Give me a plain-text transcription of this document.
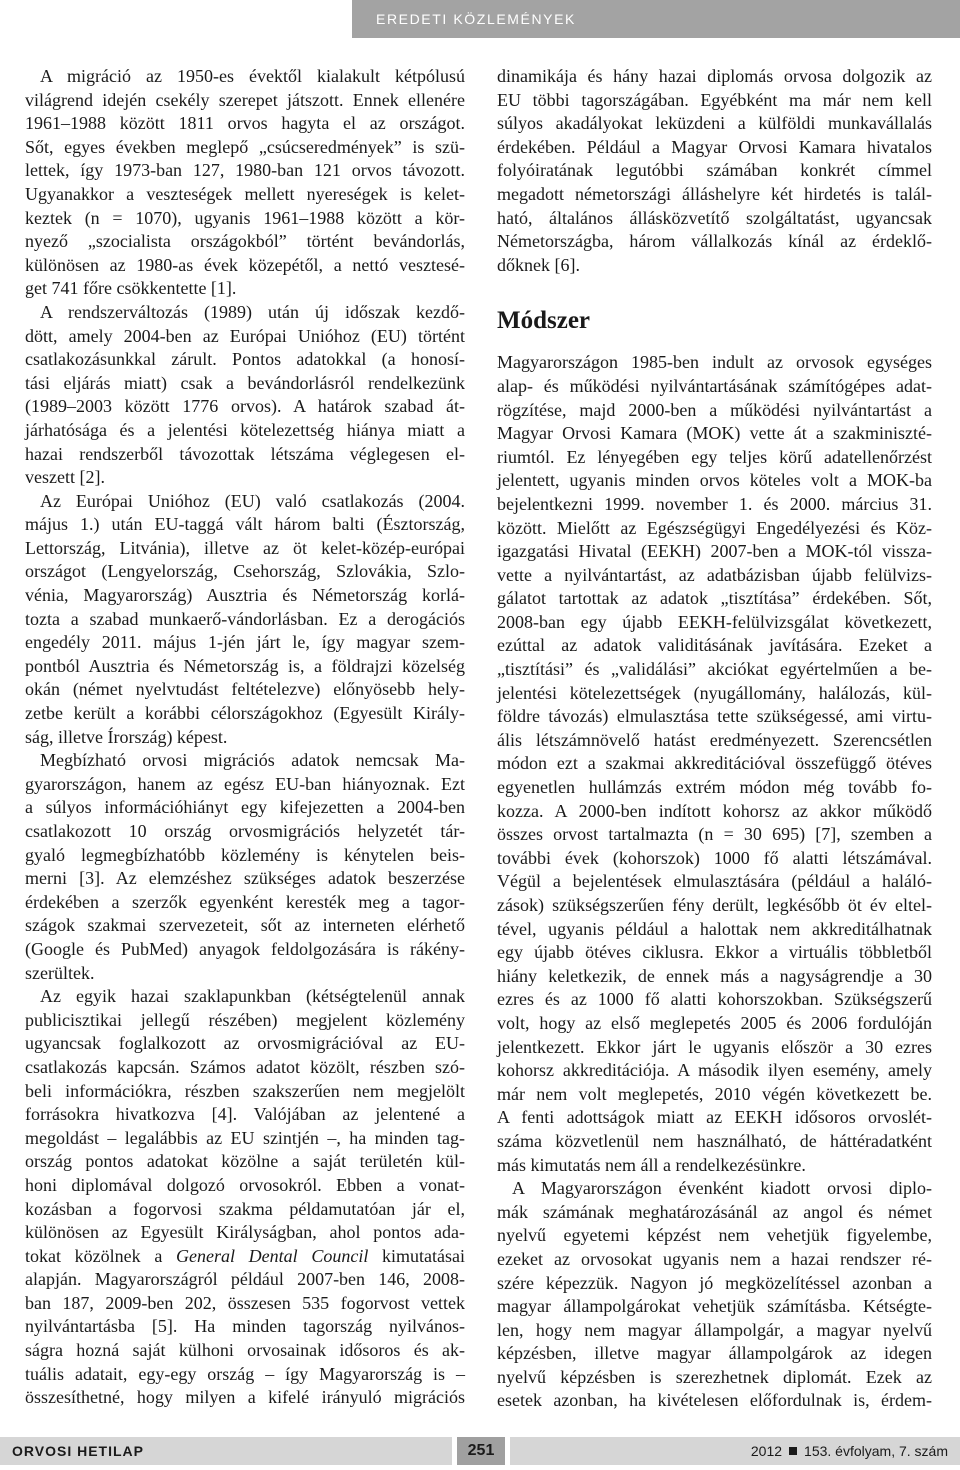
EREDETI KÖZLEMÉNYEK
A migráció az 1950-es évektől kialakult kétpólusú
világrend idején csekély szerepet játszott. Ennek ellenére
1961–1988 között 1811 orvos hagyta el az országot.
Sőt, egyes években meglepő „csúcseredmények” is szü-
lettek, így 1973-ban 127, 1980-ban 121 orvos távozott.
Ugyanakkor a veszteségek mellett nyereségek is kelet-
keztek (n = 1070), ugyanis 1961–1988 között a kör-
nyező „szocialista országokból” történt bevándorlás,
különösen az 1980-as évek közepétől, a nettó vesztesé-
get 741 főre csökkentette [1].
A rendszerváltozás (1989) után új időszak kezdő-
dött, amely 2004-ben az Európai Unióhoz (EU) történt
csatlakozásunkkal zárult. Pontos adatokkal (a honosí-
tási eljárás miatt) csak a bevándorlásról rendelkezünk
(1989–2003 között 1776 orvos). A határok szabad át-
járhatósága és a jelentési kötelezettség hiánya miatt a
hazai rendszerből távozottak létszáma véglegesen el-
veszett [2].
Az Európai Unióhoz (EU) való csatlakozás (2004.
május 1.) után EU-taggá vált három balti (Észtország,
Lettország, Litvánia), illetve az öt kelet-közép-európai
országot (Lengyelország, Csehország, Szlovákia, Szlo-
vénia, Magyarország) Ausztria és Németország korlá-
tozta a szabad munkaerő-vándorlásban. Ez a derogációs
engedély 2011. május 1-jén járt le, így magyar szem-
pontból Ausztria és Németország is, a földrajzi közelség
okán (német nyelvtudást feltételezve) előnyösebb hely-
zetbe került a korábbi célországokhoz (Egyesült Király-
ság, illetve Írország) képest.
Megbízható orvosi migrációs adatok nemcsak Ma-
gyarországon, hanem az egész EU-ban hiányoznak. Ezt
a súlyos információhiányt egy kifejezetten a 2004-ben
csatlakozott 10 ország orvosmigrációs helyzetét tár-
gyaló legmegbízhatóbb közlemény is kénytelen beis-
merni [3]. Az elemzéshez szükséges adatok beszerzése
érdekében a szerzők egyenként keresték meg a tagor-
szágok szakmai szervezeteit, sőt az interneten elérhető
(Google és PubMed) anyagok feldolgozására is rákény-
szerültek.
Az egyik hazai szaklapunkban (kétségtelenül annak
publicisztikai jellegű részében) megjelent közlemény
ugyancsak foglalkozott az orvosmigrációval az EU-
csatlakozás kapcsán. Számos adatot közölt, részben szó-
beli információkra, részben szakszerűen nem megjelölt
forrásokra hivatkozva [4]. Valójában az jelentené a
megoldást – legalábbis az EU szintjén –, ha minden tag-
ország pontos adatokat közölne a saját területén kül-
honi diplomával dolgozó orvosokról. Ebben a vonat-
kozásban a fogorvosi szakma példamutatóan jár el,
különösen az Egyesült Királyságban, ahol pontos ada-
tokat közölnek a General Dental Council kimutatásai
alapján. Magyarországról például 2007-ben 146, 2008-
ban 187, 2009-ben 202, összesen 535 fogorvost vettek
nyilvántartásba [5]. Ha minden tagország nyilvános-
ságra hozná saját külhoni orvosainak idősoros és ak-
tuális adatait, egy-egy ország – így Magyarország is –
összesíthetné, hogy milyen a kifelé irányuló migrációs
dinamikája és hány hazai diplomás orvosa dolgozik az
EU többi tagországában. Egyébként ma már nem kell
súlyos akadályokat leküzdeni a külföldi munkavállalás
érdekében. Például a Magyar Orvosi Kamara hivatalos
folyóiratának legutóbbi számában konkrét címmel
megadott németországi álláshelyre két hirdetés is talál-
ható, általános állásközvetítő szolgáltatást, ugyancsak
Németországba, három vállalkozás kínál az érdeklő-
dőknek [6].
Módszer
Magyarországon 1985-ben indult az orvosok egységes
alap- és működési nyilvántartásának számítógépes adat-
rögzítése, majd 2000-ben a működési nyilvántartást a
Magyar Orvosi Kamara (MOK) vette át a szakminiszté-
riumtól. Ez lényegében egy teljes körű adatellenőrzést
jelentett, ugyanis minden orvos köteles volt a MOK-ba
bejelentkezni 1999. november 1. és 2000. március 31.
között. Mielőtt az Egészségügyi Engedélyezési és Köz-
igazgatási Hivatal (EEKH) 2007-ben a MOK-tól vissza-
vette a nyilvántartást, az adatbázisban újabb felülvizs-
gálatot tartottak az adatok „tisztítása” érdekében. Sőt,
2008-ban egy újabb EEKH-felülvizsgálat következett,
ezúttal az adatok validitásának javítására. Ezeket a
„tisztítási” és „validálási” akciókat egyértelműen a be-
jelentési kötelezettségek (nyugállomány, halálozás, kül-
földre távozás) elmulasztása tette szükségessé, ami virtu-
ális létszámnövelő hatást eredményezett. Szerencsétlen
módon ezt a szakmai akkreditációval összefüggő ötéves
egyenetlen hullámzás extrém módon még tovább fo-
kozza. A 2000-ben indított kohorsz az akkor működő
összes orvost tartalmazta (n = 30 695) [7], szemben a
további évek (kohorszok) 1000 fő alatti létszámával.
Végül a bejelentések elmulasztására (például a haláló-
zások) szükségszerűen fény derült, legkésőbb öt év eltel-
tével, ugyanis például a halottak nem akkreditálhatnak
egy újabb ötéves ciklusra. Ekkor a virtuális többletből
hiány keletkezik, de ennek más a nagyságrendje a 30
ezres és az 1000 fő alatti kohorszokban. Szükségszerű
volt, hogy az első meglepetés 2005 és 2006 fordulóján
jelentkezett. Ekkor járt le ugyanis először a 30 ezres
kohorsz akkreditációja. A második ilyen esemény, amely
már nem volt meglepetés, 2010 végén következett be.
A fenti adottságok miatt az EEKH idősoros orvoslét-
száma közvetlenül nem használható, de háttéradatként
más kimutatás nem áll a rendelkezésünkre.
A Magyarországon évenként kiadott orvosi diplo-
mák számának meghatározásánál az angol és német
nyelvű egyetemi képzést nem vehetjük figyelembe,
ezeket az orvosokat ugyanis nem a hazai rendszer ré-
szére képezzük. Nagyon jó megközelítéssel azonban a
magyar állampolgárokat vehetjük számításba. Kétségte-
len, hogy nem magyar állampolgár, a magyar nyelvű
képzésben, illetve magyar állampolgárok az idegen
nyelvű képzésben is szerezhetnek diplomát. Ezek az
esetek azonban, ha kivételesen előfordulnak is, érdem-
ORVOSI HETILAP	251	2012 153. évfolyam, 7. szám
